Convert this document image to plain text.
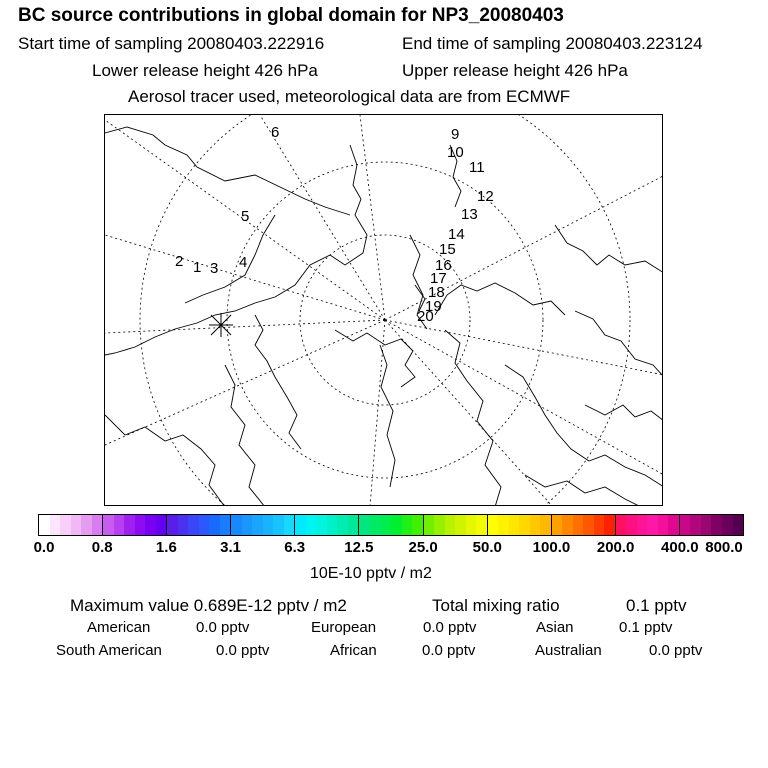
BC source contributions in global domain for NP3_20080403
Start time of sampling 20080403.222916	End time of sampling 20080403.223124
Lower release height 426 hPa	Upper release height 426 hPa
Aerosol tracer used, meteorological data are from ECMWF
1
2 3 4
5
6	9
10
11
12
13
14
15
16
17
18
19
20
0.0 0.8	1.6	3.1	6.3	12.5 25.0 50.0 100.0 200.0 400.0 800.0
10E-10 pptv / m2
Maximum value 0.689E-12 pptv / m2	Total mixing ratio	0.1 pptv
American	0.0 pptv	European	0.0 pptv	Asian	0.1 pptv
South American	0.0 pptv	African	0.0 pptv	Australian	0.0 pptv
